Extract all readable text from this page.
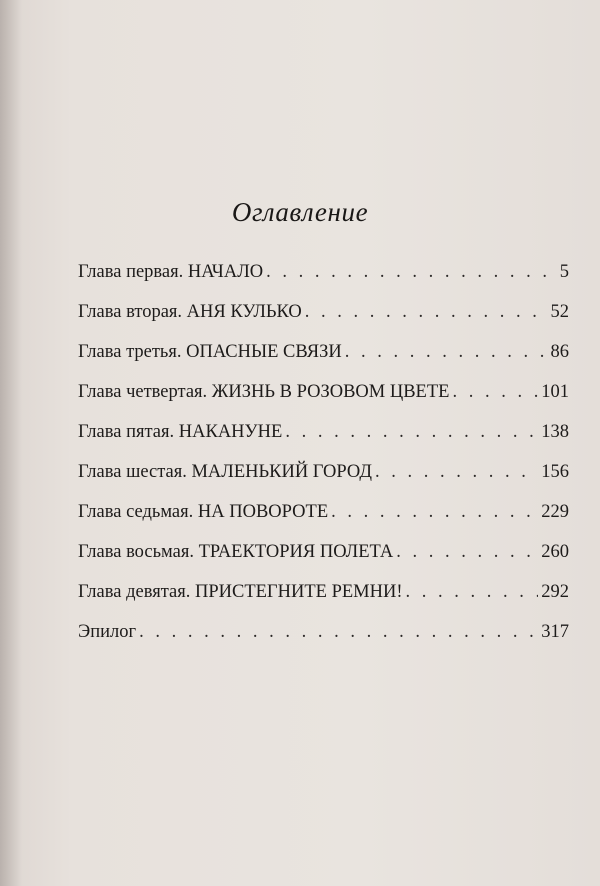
Оглавление
Глава первая. НАЧАЛО . . .	5
Глава вторая. АНЯ КУЛЬКО . . .	52
Глава третья. ОПАСНЫЕ СВЯЗИ . . .	86
Глава четвертая. ЖИЗНЬ В РОЗОВОМ ЦВЕТЕ . . .	101
Глава пятая. НАКАНУНЕ . . .	138
Глава шестая. МАЛЕНЬКИЙ ГОРОД . . .	156
Глава седьмая. НА ПОВОРОТЕ . . .	229
Глава восьмая. ТРАЕКТОРИЯ ПОЛЕТА . . .	260
Глава девятая. ПРИСТЕГНИТЕ РЕМНИ! . . .	292
Эпилог . . .	317
